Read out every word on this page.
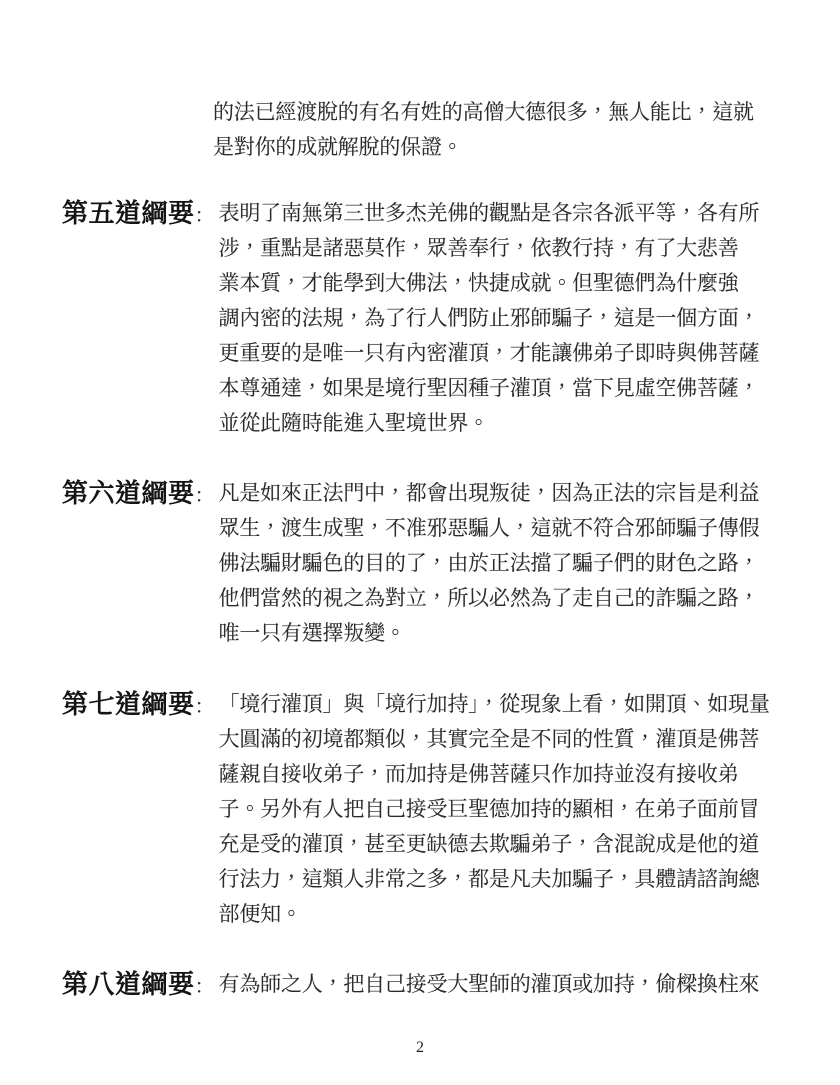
的法已經渡脫的有名有姓的高僧大德很多，無人能比，這就
是對你的成就解脫的保證。
第五道綱要 ： 表明了南無第三世多杰羌佛的觀點是各宗各派平等，各有所
涉，重點是諸惡莫作，眾善奉行，依教行持，有了大悲善
業本質，才能學到大佛法，快捷成就。但聖德們為什麼強
調內密的法規，為了行人們防止邪師騙子，這是一個方面，
更重要的是唯一只有內密灌頂，才能讓佛弟子即時與佛菩薩
本尊通達，如果是境行聖因種子灌頂，當下見虛空佛菩薩，
並從此隨時能進入聖境世界。
第六道綱要 ： 凡是如來正法門中，都會出現叛徒，因為正法的宗旨是利益
眾生，渡生成聖，不准邪惡騙人，這就不符合邪師騙子傳假
佛法騙財騙色的目的了，由於正法擋了騙子們的財色之路，
他們當然的視之為對立，所以必然為了走自己的詐騙之路，
唯一只有選擇叛變。
第七道綱要 ： 「境行灌頂」與「境行加持」，從現象上看，如開頂、如現量
大圓滿的初境都類似，其實完全是不同的性質，灌頂是佛菩
薩親自接收弟子，而加持是佛菩薩只作加持並沒有接收弟
子。另外有人把自己接受巨聖德加持的顯相，在弟子面前冒
充是受的灌頂，甚至更缺德去欺騙弟子，含混說成是他的道
行法力，這類人非常之多，都是凡夫加騙子，具體請諮詢總
部便知。
第八道綱要 ： 有為師之人，把自己接受大聖師的灌頂或加持，偷樑換柱來
2
